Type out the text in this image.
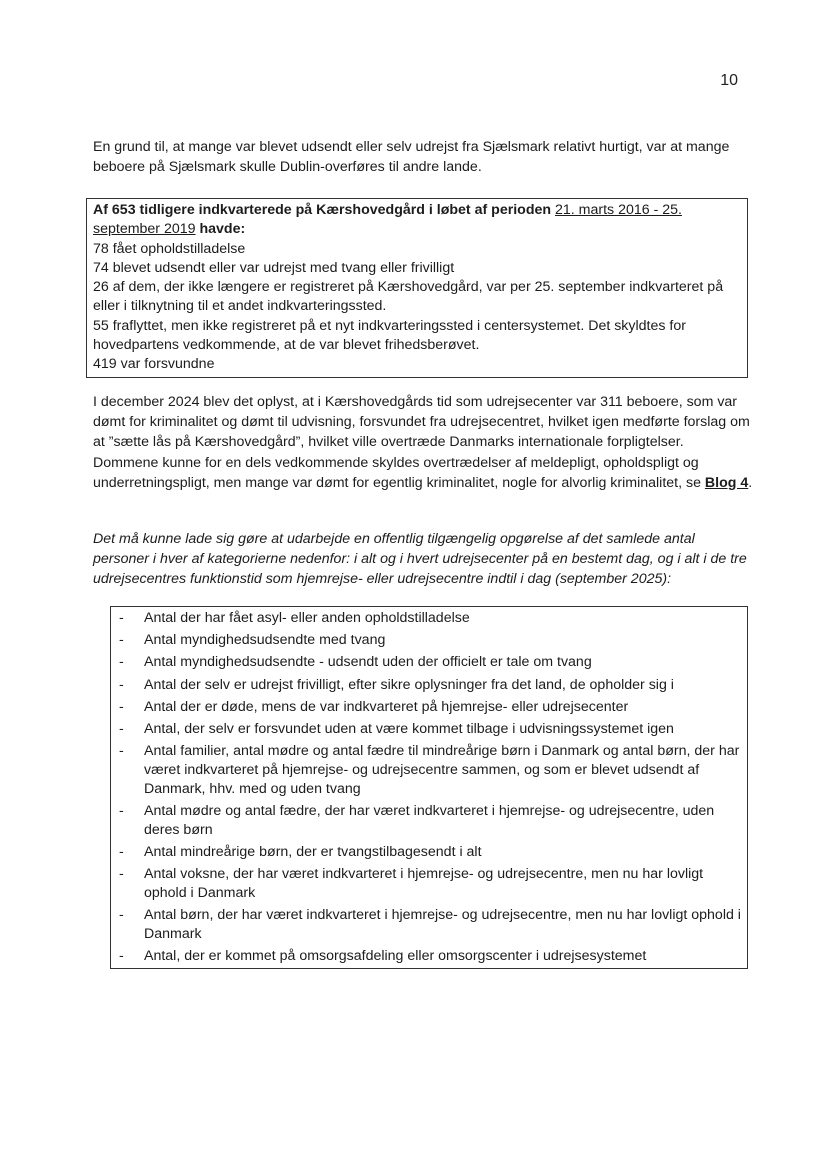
10

En grund til, at mange var blevet udsendt eller selv udrejst fra Sjælsmark relativt hurtigt, var at mange beboere på Sjælsmark skulle Dublin-overføres til andre lande.

Af 653 tidligere indkvarterede på Kærshovedgård i løbet af perioden 21. marts 2016 - 25. september 2019 havde:
78 fået opholdstilladelse
74 blevet udsendt eller var udrejst med tvang eller frivilligt
26 af dem, der ikke længere er registreret på Kærshovedgård, var per 25. september indkvarteret på eller i tilknytning til et andet indkvarteringssted.
55 fraflyttet, men ikke registreret på et nyt indkvarteringssted i centersystemet. Det skyldtes for hovedpartens vedkommende, at de var blevet frihedsberøvet.
419 var forsvundne

I december 2024 blev det oplyst, at i Kærshovedgårds tid som udrejsecenter var 311 beboere, som var dømt for kriminalitet og dømt til udvisning, forsvundet fra udrejsecentret, hvilket igen medførte forslag om at ”sætte lås på Kærshovedgård”, hvilket ville overtræde Danmarks internationale forpligtelser. Dommene kunne for en dels vedkommende skyldes overtrædelser af meldepligt, opholdspligt og underretningspligt, men mange var dømt for egentlig kriminalitet, nogle for alvorlig kriminalitet, se Blog 4.

Det må kunne lade sig gøre at udarbejde en offentlig tilgængelig opgørelse af det samlede antal personer i hver af kategorierne nedenfor: i alt og i hvert udrejsecenter på en bestemt dag, og i alt i de tre udrejsecentres funktionstid som hjemrejse- eller udrejsecentre indtil i dag (september 2025):

- Antal der har fået asyl- eller anden opholdstilladelse
- Antal myndighedsudsendte med tvang
- Antal myndighedsudsendte - udsendt uden der officielt er tale om tvang
- Antal der selv er udrejst frivilligt, efter sikre oplysninger fra det land, de opholder sig i
- Antal der er døde, mens de var indkvarteret på hjemrejse- eller udrejsecenter
- Antal, der selv er forsvundet uden at være kommet tilbage i udvisningssystemet igen
- Antal familier, antal mødre og antal fædre til mindreårige børn i Danmark og antal børn, der har været indkvarteret på hjemrejse- og udrejsecentre sammen, og som er blevet udsendt af Danmark, hhv. med og uden tvang
- Antal mødre og antal fædre, der har været indkvarteret i hjemrejse- og udrejsecentre, uden deres børn
- Antal mindreårige børn, der er tvangstilbagesendt i alt
- Antal voksne, der har været indkvarteret i hjemrejse- og udrejsecentre, men nu har lovligt ophold i Danmark
- Antal børn, der har været indkvarteret i hjemrejse- og udrejsecentre, men nu har lovligt ophold i Danmark
- Antal, der er kommet på omsorgsafdeling eller omsorgscenter i udrejsesystemet
